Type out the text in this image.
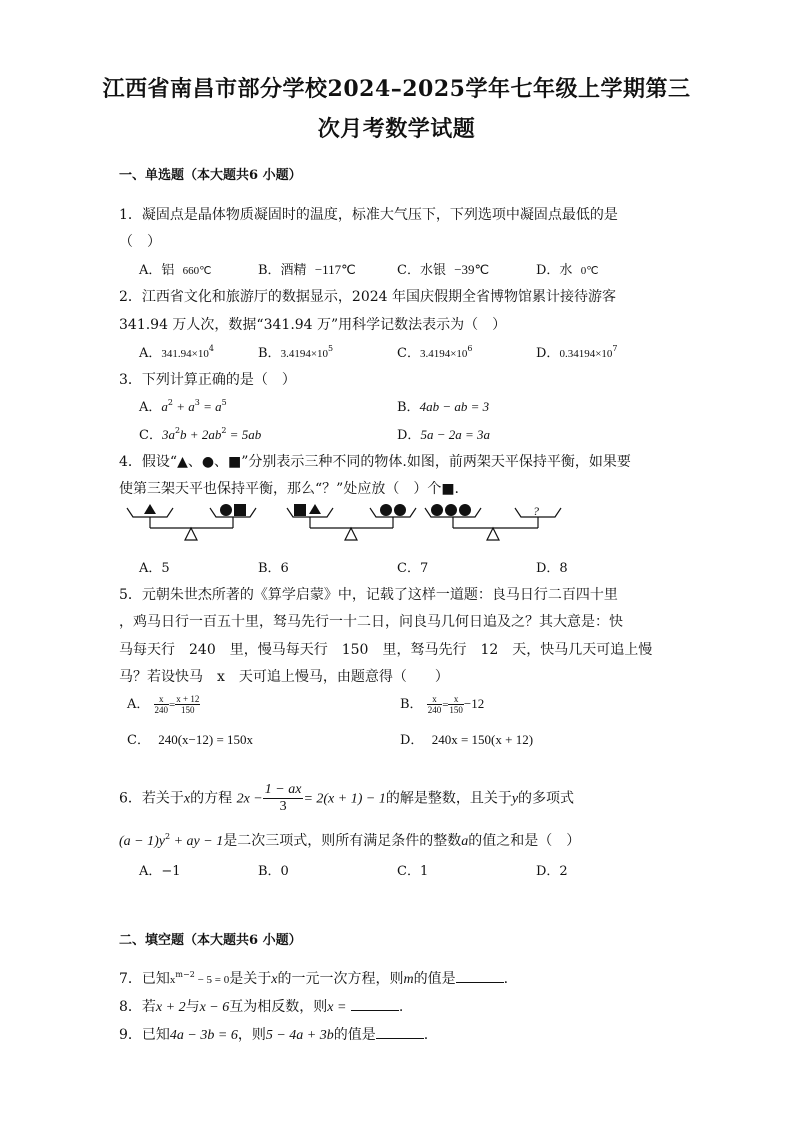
江西省南昌市部分学校2024–2025学年七年级上学期第三
次月考数学试题
一、单选题（本大题共6 小题）
1．凝固点是晶体物质凝固时的温度，标准大气压下，下列选项中凝固点最低的是
（　）
A．铝 660℃	B．酒精 −117℃	C．水银 −39℃	D．水 0℃
2．江西省文化和旅游厅的数据显示，2024 年国庆假期全省博物馆累计接待游客
341.94 万人次，数据“341.94 万”用科学记数法表示为（　）
A．$341.94\times 10^4$	B．$3.4194\times 10^5$	C．$3.4194\times 10^6$	D．$0.34194\times 10^7$
3．下列计算正确的是（　）
A．$a^2 + a^3 = a^5$	B．4ab − ab = 3
C．$3a^2b + 2ab^2 = 5ab$	D．5a − 2a = 3a
4．假设“▲、●、■”分别表示三种不同的物体.如图，前两架天平保持平衡，如果要
使第三架天平也保持平衡，那么“？”处应放（　）个■.
?
A．5	B．6	C．7	D．8
5．元朝朱世杰所著的《算学启蒙》中，记载了这样一道题：良马日行二百四十里
，鸡马日行一百五十里，驽马先行一十二日，问良马几何日追及之？其大意是：快
马每天行　240　里，慢马每天行　150　里，驽马先行　12　天，快马几天可追上慢
马？若设快马　x　天可追上慢马，由题意得（　　）
A． $\frac{x}{240} = \frac{x + 12}{150}$	B． $\frac{x}{240} = \frac{x}{150} -12$
C． 240(x−12) = 150x	D． 240x = 150(x + 12)
6．若关于x的方程 $2x - \frac{1 - ax}{3} = 2(x + 1) - 1$的解是整数，且关于y的多项式
$(a - 1)y^2$ + ay − 1是二次三项式，则所有满足条件的整数a的值之和是（　）
A．−1	B．0	C．1	D．2
二、填空题（本大题共6 小题）
7．已知$x^{m-2} - 5 = 0$是关于x的一元一次方程，则m的值是	.
8．若x + 2与x − 6互为相反数，则x =	.
9．已知4a − 3b = 6，则5 − 4a + 3b的值是	.
